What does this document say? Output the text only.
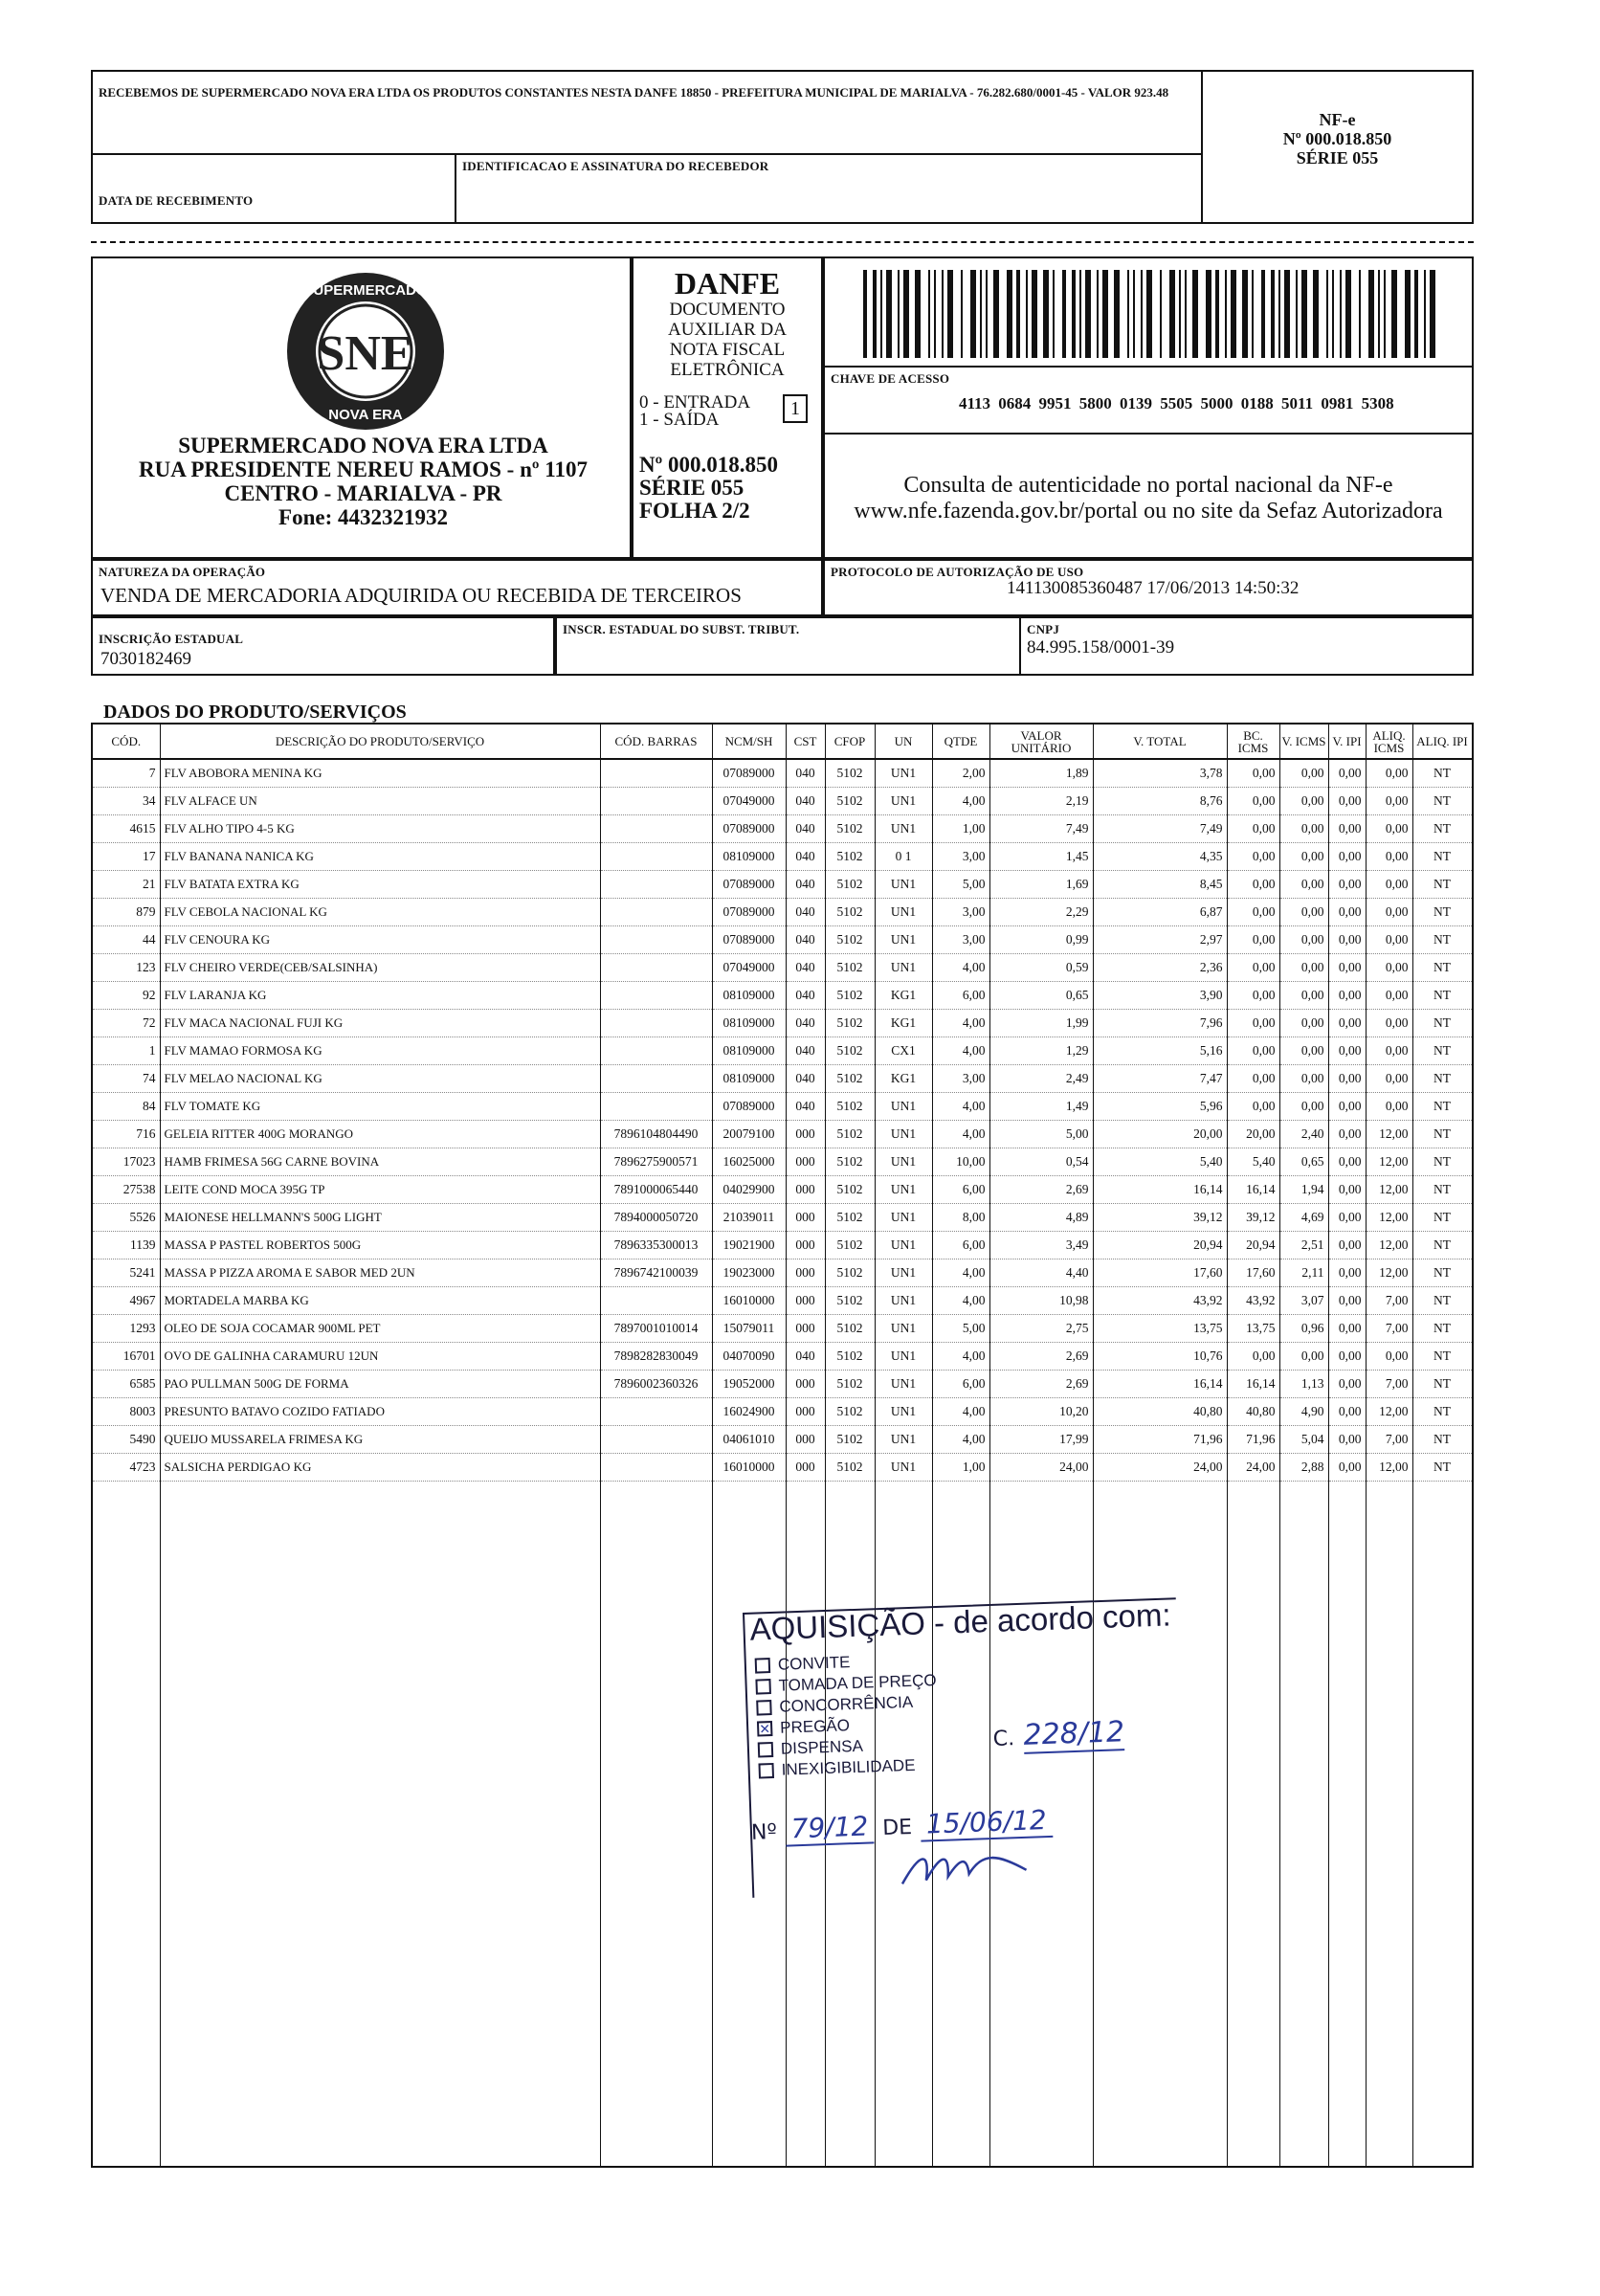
RECEBEMOS DE SUPERMERCADO NOVA ERA LTDA OS PRODUTOS CONSTANTES NESTA DANFE 18850 - PREFEITURA MUNICIPAL DE MARIALVA - 76.282.680/0001-45 - VALOR 923.48
DATA DE RECEBIMENTO
IDENTIFICACAO E ASSINATURA DO RECEBEDOR
NF-e
Nº 000.018.850
SÉRIE 055
SNE
SUPERMERCADO
NOVA ERA
SUPERMERCADO NOVA ERA LTDA
RUA PRESIDENTE NEREU RAMOS - nº 1107
CENTRO - MARIALVA - PR
Fone: 4432321932
DANFE
DOCUMENTO
AUXILIAR DA
NOTA FISCAL
ELETRÔNICA
0 - ENTRADA
1 - SAÍDA
1
Nº 000.018.850
SÉRIE 055
FOLHA 2/2
CHAVE DE ACESSO
4113 0684 9951 5800 0139 5505 5000 0188 5011 0981 5308
Consulta de autenticidade no portal nacional da NF-e
www.nfe.fazenda.gov.br/portal ou no site da Sefaz Autorizadora
NATUREZA DA OPERAÇÃO
VENDA DE MERCADORIA ADQUIRIDA OU RECEBIDA DE TERCEIROS
PROTOCOLO DE AUTORIZAÇÃO DE USO
141130085360487 17/06/2013 14:50:32
INSCRIÇÃO ESTADUAL
7030182469
INSCR. ESTADUAL DO SUBST. TRIBUT.	CNPJ
84.995.158/0001-39
DADOS DO PRODUTO/SERVIÇOS
CÓD.	DESCRIÇÃO DO PRODUTO/SERVIÇO	CÓD. BARRAS	NCM/SH	CST	CFOP	UN	QTDE	VALOR UNITÁRIO	V. TOTAL	BC. ICMS	V. ICMS	V. IPI	ALIQ. ICMS	ALIQ. IPI
7	FLV ABOBORA MENINA KG		07089000	040	5102	UN1	2,00	1,89	3,78	0,00	0,00	0,00	0,00	NT
34	FLV ALFACE UN		07049000	040	5102	UN1	4,00	2,19	8,76	0,00	0,00	0,00	0,00	NT
4615	FLV ALHO TIPO 4-5 KG		07089000	040	5102	UN1	1,00	7,49	7,49	0,00	0,00	0,00	0,00	NT
17	FLV BANANA NANICA KG		08109000	040	5102	0 1	3,00	1,45	4,35	0,00	0,00	0,00	0,00	NT
21	FLV BATATA EXTRA KG		07089000	040	5102	UN1	5,00	1,69	8,45	0,00	0,00	0,00	0,00	NT
879	FLV CEBOLA NACIONAL KG		07089000	040	5102	UN1	3,00	2,29	6,87	0,00	0,00	0,00	0,00	NT
44	FLV CENOURA KG		07089000	040	5102	UN1	3,00	0,99	2,97	0,00	0,00	0,00	0,00	NT
123	FLV CHEIRO VERDE(CEB/SALSINHA)		07049000	040	5102	UN1	4,00	0,59	2,36	0,00	0,00	0,00	0,00	NT
92	FLV LARANJA KG		08109000	040	5102	KG1	6,00	0,65	3,90	0,00	0,00	0,00	0,00	NT
72	FLV MACA NACIONAL FUJI KG		08109000	040	5102	KG1	4,00	1,99	7,96	0,00	0,00	0,00	0,00	NT
1	FLV MAMAO FORMOSA KG		08109000	040	5102	CX1	4,00	1,29	5,16	0,00	0,00	0,00	0,00	NT
74	FLV MELAO NACIONAL KG		08109000	040	5102	KG1	3,00	2,49	7,47	0,00	0,00	0,00	0,00	NT
84	FLV TOMATE KG		07089000	040	5102	UN1	4,00	1,49	5,96	0,00	0,00	0,00	0,00	NT
716	GELEIA RITTER 400G MORANGO	7896104804490	20079100	000	5102	UN1	4,00	5,00	20,00	20,00	2,40	0,00	12,00	NT
17023	HAMB FRIMESA 56G CARNE BOVINA	7896275900571	16025000	000	5102	UN1	10,00	0,54	5,40	5,40	0,65	0,00	12,00	NT
27538	LEITE COND MOCA 395G TP	7891000065440	04029900	000	5102	UN1	6,00	2,69	16,14	16,14	1,94	0,00	12,00	NT
5526	MAIONESE HELLMANN'S 500G LIGHT	7894000050720	21039011	000	5102	UN1	8,00	4,89	39,12	39,12	4,69	0,00	12,00	NT
1139	MASSA P PASTEL ROBERTOS 500G	7896335300013	19021900	000	5102	UN1	6,00	3,49	20,94	20,94	2,51	0,00	12,00	NT
5241	MASSA P PIZZA AROMA E SABOR MED 2UN	7896742100039	19023000	000	5102	UN1	4,00	4,40	17,60	17,60	2,11	0,00	12,00	NT
4967	MORTADELA MARBA KG		16010000	000	5102	UN1	4,00	10,98	43,92	43,92	3,07	0,00	7,00	NT
1293	OLEO DE SOJA COCAMAR 900ML PET	7897001010014	15079011	000	5102	UN1	5,00	2,75	13,75	13,75	0,96	0,00	7,00	NT
16701	OVO DE GALINHA CARAMURU 12UN	7898282830049	04070090	040	5102	UN1	4,00	2,69	10,76	0,00	0,00	0,00	0,00	NT
6585	PAO PULLMAN 500G DE FORMA	7896002360326	19052000	000	5102	UN1	6,00	2,69	16,14	16,14	1,13	0,00	7,00	NT
8003	PRESUNTO BATAVO COZIDO FATIADO		16024900	000	5102	UN1	4,00	10,20	40,80	40,80	4,90	0,00	12,00	NT
5490	QUEIJO MUSSARELA FRIMESA KG		04061010	000	5102	UN1	4,00	17,99	71,96	71,96	5,04	0,00	7,00	NT
4723	SALSICHA PERDIGAO KG		16010000	000	5102	UN1	1,00	24,00	24,00	24,00	2,88	0,00	12,00	NT
AQUISIÇÃO - de acordo com:
CONVITE
TOMADA DE PREÇO
CONCORRÊNCIA
✕ PREGÃO
DISPENSA
INEXIGIBILIDADE
C. 228/12
Nº 79/12 DE 15/06/12
